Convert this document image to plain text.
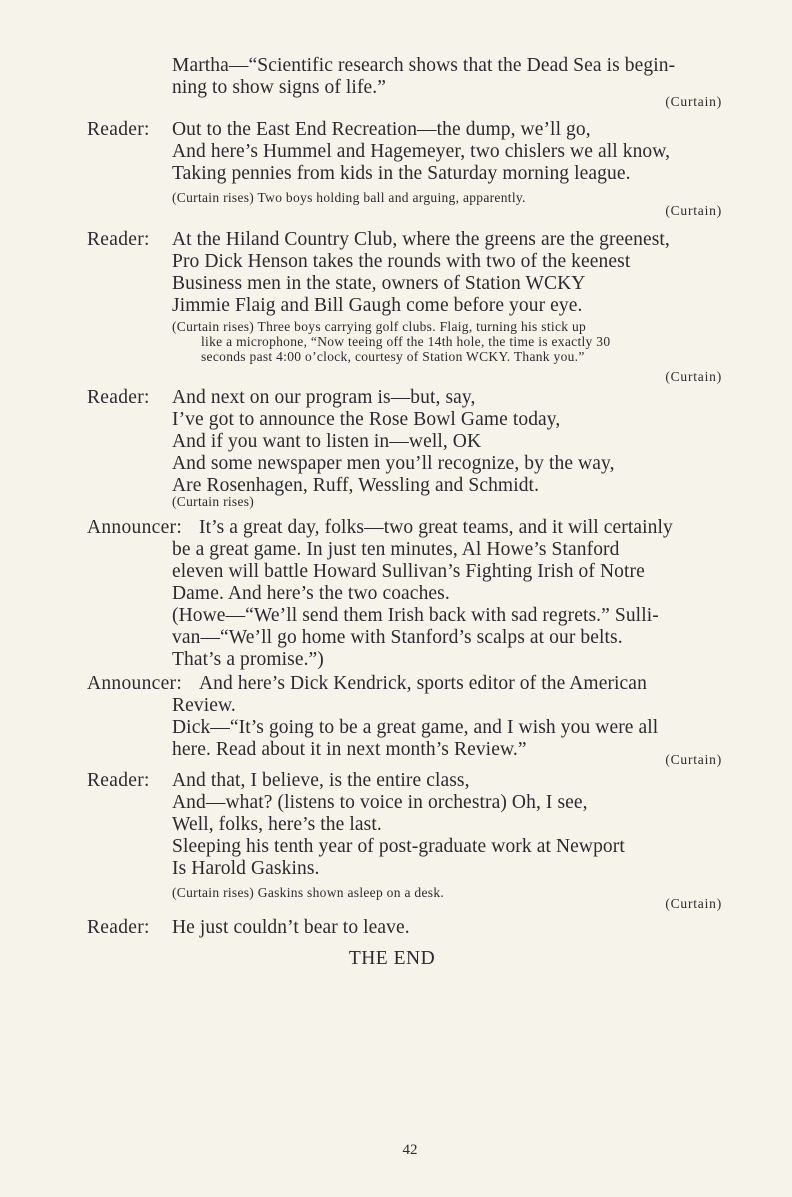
Martha—“Scientific research shows that the Dead Sea is begin-
ning to show signs of life.”
(Curtain)
Reader: Out to the East End Recreation—the dump, we’ll go,
And here’s Hummel and Hagemeyer, two chislers we all know,
Taking pennies from kids in the Saturday morning league.
(Curtain rises) Two boys holding ball and arguing, apparently.
(Curtain)
Reader: At the Hiland Country Club, where the greens are the greenest,
Pro Dick Henson takes the rounds with two of the keenest
Business men in the state, owners of Station WCKY
Jimmie Flaig and Bill Gaugh come before your eye.
(Curtain rises) Three boys carrying golf clubs. Flaig, turning his stick up
like a microphone, “Now teeing off the 14th hole, the time is exactly 30
seconds past 4:00 o’clock, courtesy of Station WCKY. Thank you.”
(Curtain)
Reader: And next on our program is—but, say,
I’ve got to announce the Rose Bowl Game today,
And if you want to listen in—well, OK
And some newspaper men you’ll recognize, by the way,
Are Rosenhagen, Ruff, Wessling and Schmidt.
(Curtain rises)
Announcer: It’s a great day, folks—two great teams, and it will certainly
be a great game. In just ten minutes, Al Howe’s Stanford
eleven will battle Howard Sullivan’s Fighting Irish of Notre
Dame. And here’s the two coaches.
(Howe—“We’ll send them Irish back with sad regrets.” Sulli-
van—“We’ll go home with Stanford’s scalps at our belts.
That’s a promise.”)
Announcer: And here’s Dick Kendrick, sports editor of the American
Review.
Dick—“It’s going to be a great game, and I wish you were all
here. Read about it in next month’s Review.”	(Curtain)
Reader: And that, I believe, is the entire class,
And—what? (listens to voice in orchestra) Oh, I see,
Well, folks, here’s the last.
Sleeping his tenth year of post-graduate work at Newport
Is Harold Gaskins.
(Curtain rises) Gaskins shown asleep on a desk.
(Curtain)
Reader: He just couldn’t bear to leave.
THE END
42
